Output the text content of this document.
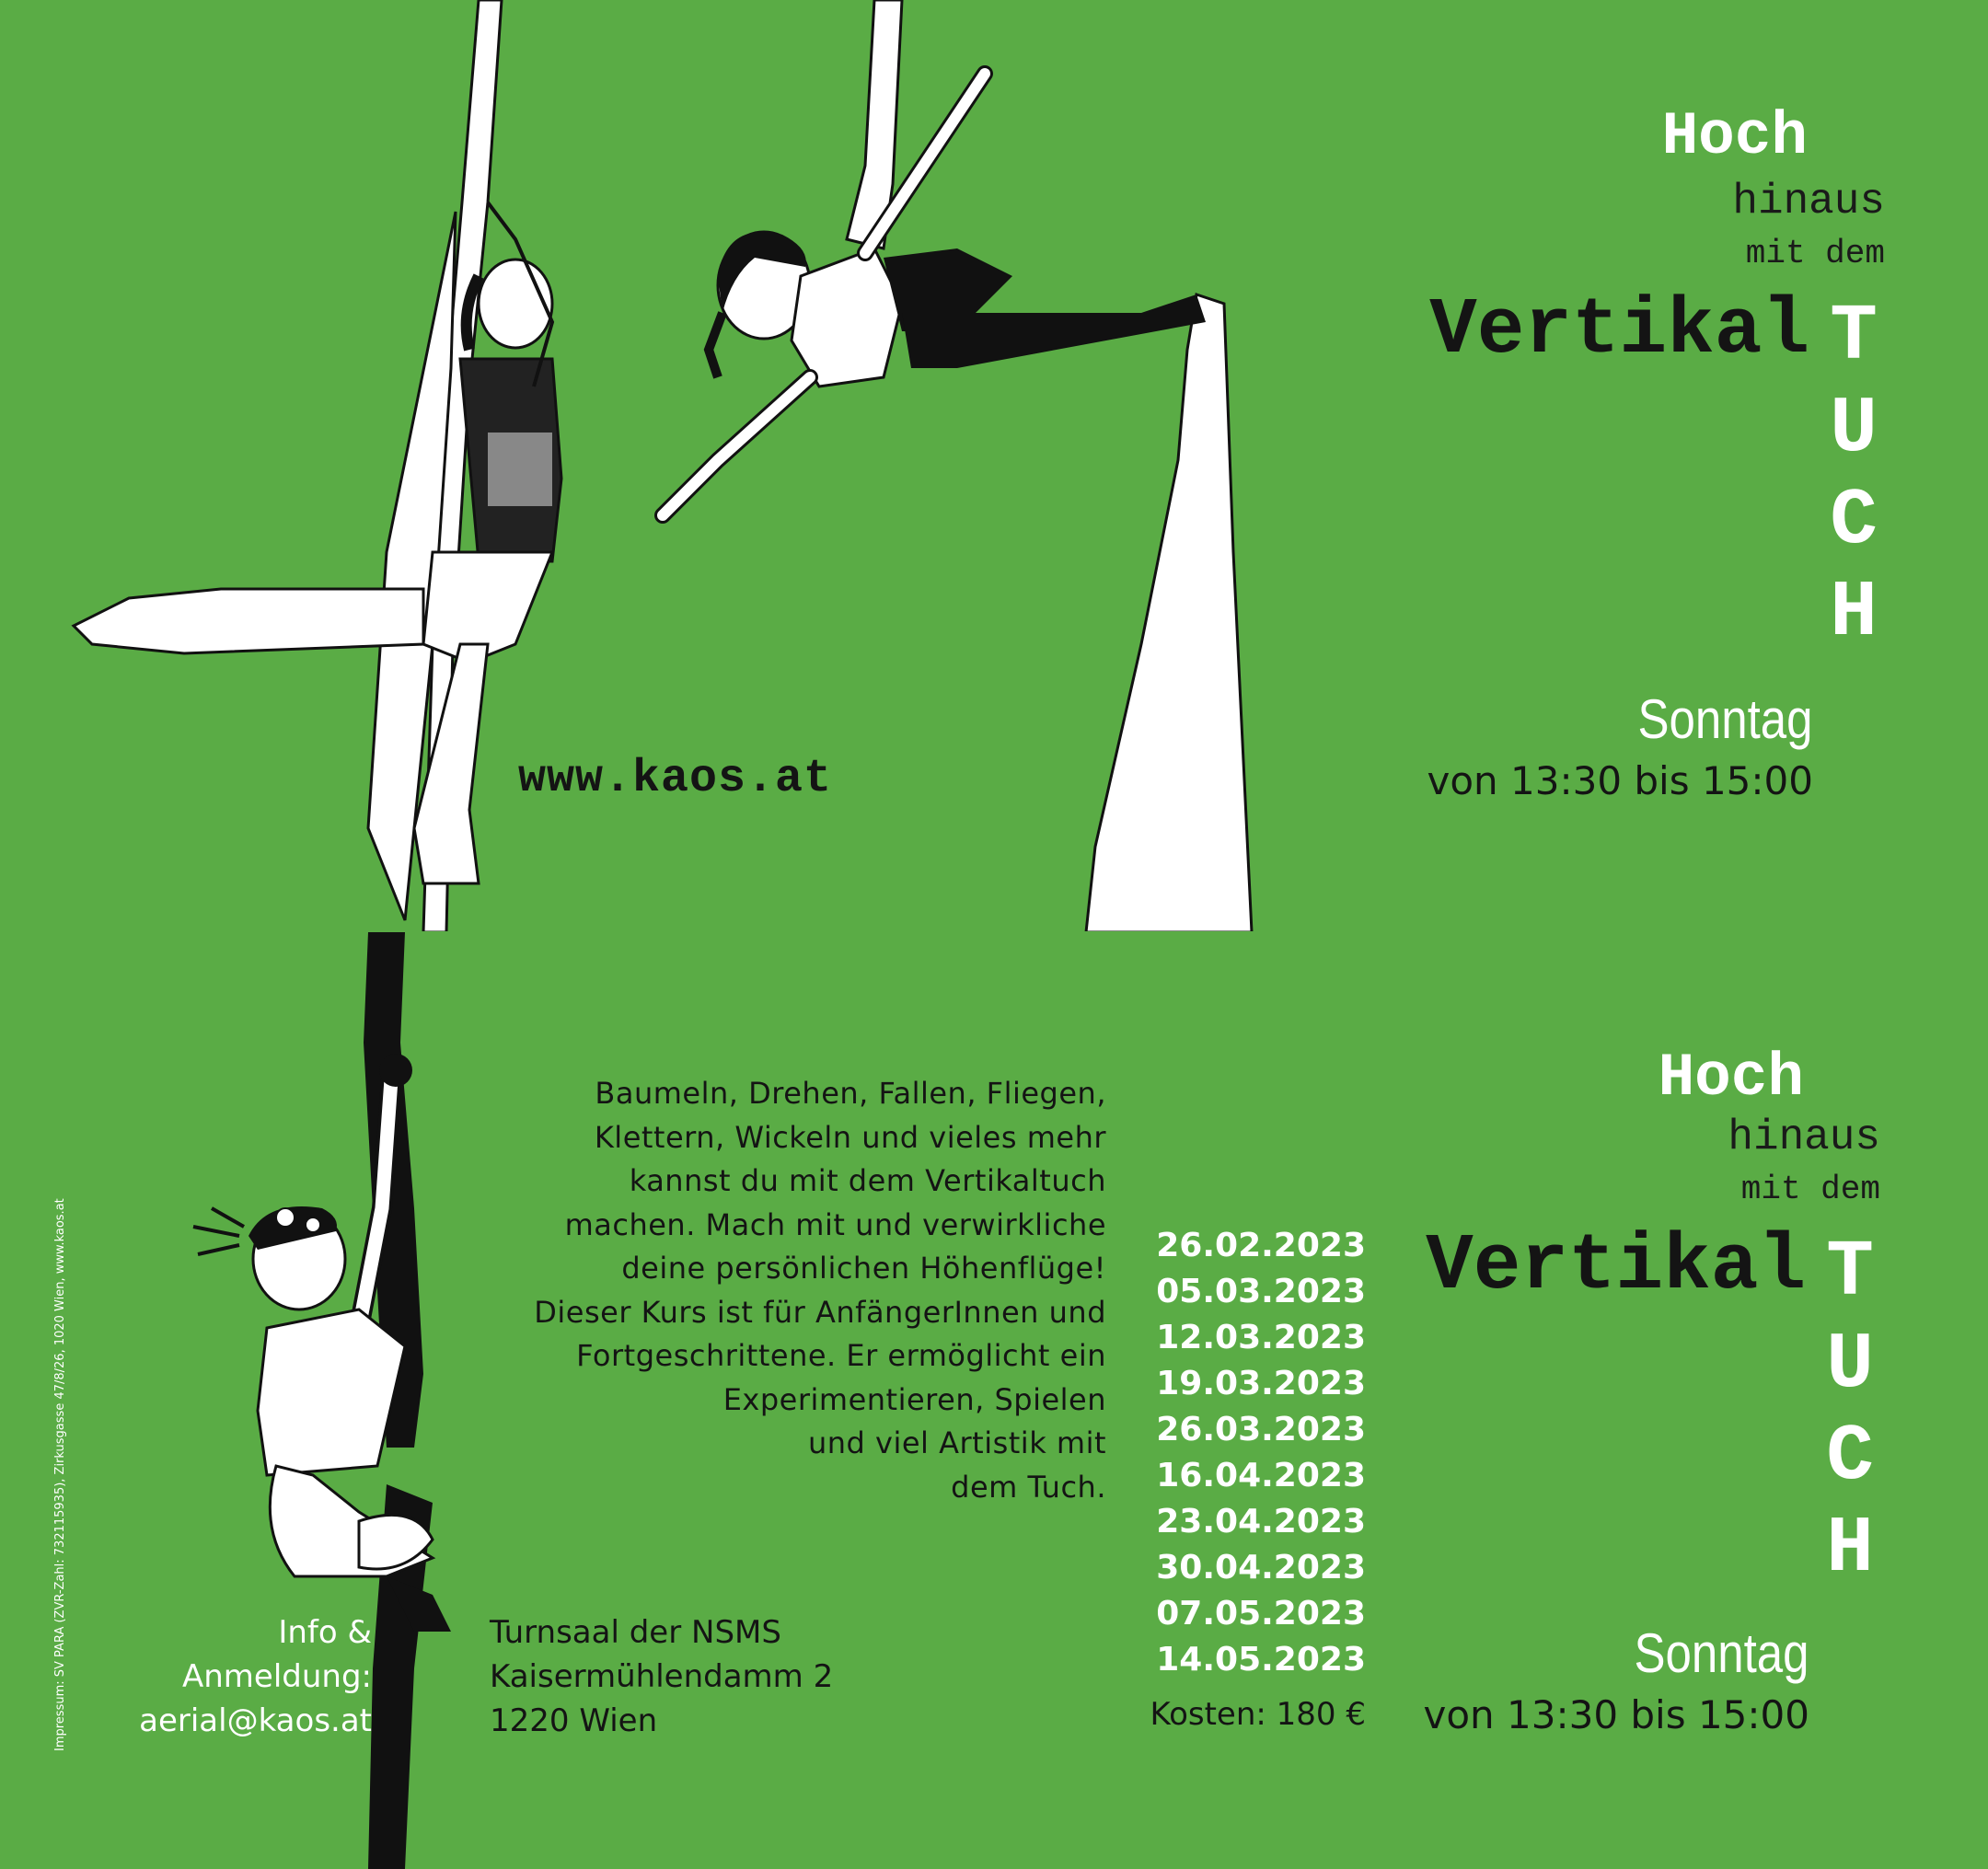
www.kaos.at
Hoch
hinaus
mit dem
Vertikal T
U
C
H
Sonntag
von 13:30 bis 15:00
Impressum: SV PARA (ZVR-Zahl: 732115935), Zirkusgasse 47/8/26, 1020 Wien, www.kaos.at
Baumeln, Drehen, Fallen, Fliegen,
Klettern, Wickeln und vieles mehr
kannst du mit dem Vertikaltuch
machen. Mach mit und verwirkliche
deine persönlichen Höhenflüge!
Dieser Kurs ist für AnfängerInnen und
Fortgeschrittene. Er ermöglicht ein
Experimentieren, Spielen
und viel Artistik mit
dem Tuch.
26.02.2023
05.03.2023
12.03.2023
19.03.2023
26.03.2023
16.04.2023
23.04.2023
30.04.2023
07.05.2023
14.05.2023
Kosten: 180 €
Info &
Anmeldung:
aerial@kaos.at
Turnsaal der NSMS
Kaisermühlendamm 2
1220 Wien
Hoch
hinaus
mit dem
Vertikal T
U
C
H
Sonntag
von 13:30 bis 15:00
